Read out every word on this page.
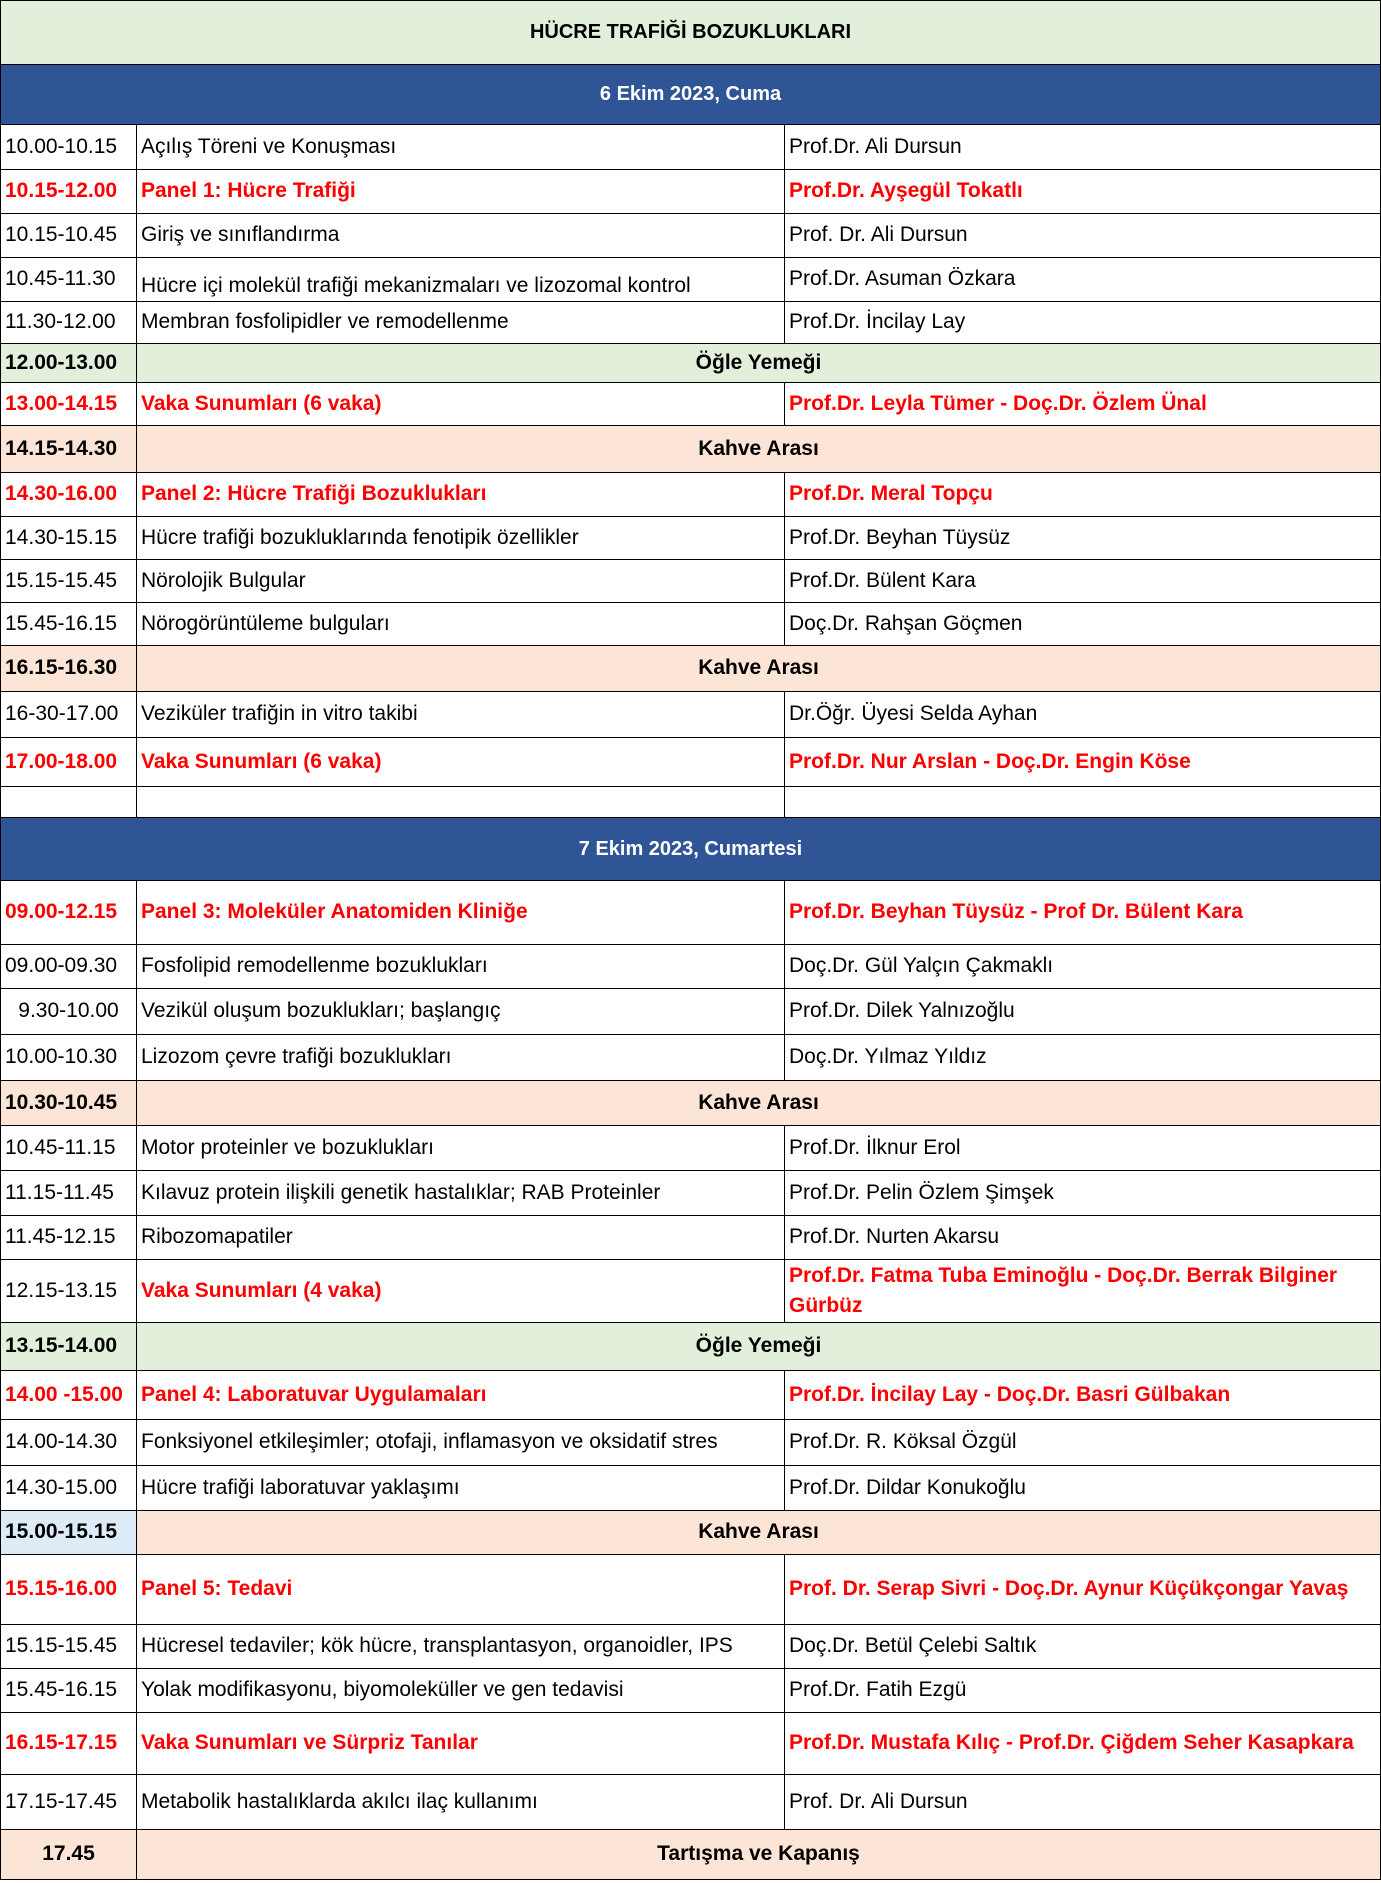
HÜCRE TRAFİĞİ BOZUKLUKLARI		
6 Ekim 2023, Cuma		
10.00-10.15	Açılış Töreni ve Konuşması	Prof.Dr. Ali Dursun
10.15-12.00	Panel 1: Hücre Trafiği	Prof.Dr. Ayşegül Tokatlı
10.15-10.45	Giriş ve sınıflandırma	Prof. Dr. Ali Dursun
10.45-11.30	Hücre içi molekül trafiği mekanizmaları ve lizozomal kontrol	Prof.Dr. Asuman Özkara
11.30-12.00	Membran fosfolipidler ve remodellenme	Prof.Dr. İncilay Lay
12.00-13.00	Öğle Yemeği	
13.00-14.15	Vaka Sunumları (6 vaka)	Prof.Dr. Leyla Tümer - Doç.Dr. Özlem Ünal
14.15-14.30	Kahve Arası	
14.30-16.00	Panel 2: Hücre Trafiği Bozuklukları	Prof.Dr. Meral Topçu
14.30-15.15	Hücre trafiği bozukluklarında fenotipik özellikler	Prof.Dr. Beyhan Tüysüz
15.15-15.45	Nörolojik Bulgular	Prof.Dr. Bülent Kara
15.45-16.15	Nörogörüntüleme bulguları	Doç.Dr. Rahşan Göçmen
16.15-16.30	Kahve Arası	
16-30-17.00	Veziküler trafiğin in vitro takibi	Dr.Öğr. Üyesi Selda Ayhan
17.00-18.00	Vaka Sunumları (6 vaka)	Prof.Dr. Nur Arslan - Doç.Dr. Engin Köse

7 Ekim 2023, Cumartesi		
09.00-12.15	Panel 3: Moleküler Anatomiden Kliniğe	Prof.Dr. Beyhan Tüysüz - Prof Dr. Bülent Kara
09.00-09.30	Fosfolipid remodellenme bozuklukları	Doç.Dr. Gül Yalçın Çakmaklı
9.30-10.00	Vezikül oluşum bozuklukları; başlangıç	Prof.Dr. Dilek Yalnızoğlu
10.00-10.30	Lizozom çevre trafiği bozuklukları	Doç.Dr. Yılmaz Yıldız
10.30-10.45	Kahve Arası	
10.45-11.15	Motor proteinler ve bozuklukları	Prof.Dr. İlknur Erol
11.15-11.45	Kılavuz protein ilişkili genetik hastalıklar; RAB Proteinler	Prof.Dr. Pelin Özlem Şimşek
11.45-12.15	Ribozomapatiler	Prof.Dr. Nurten Akarsu
12.15-13.15	Vaka Sunumları (4 vaka)	Prof.Dr. Fatma Tuba Eminoğlu - Doç.Dr. Berrak Bilginer Gürbüz
13.15-14.00	Öğle Yemeği	
14.00 -15.00	Panel 4: Laboratuvar Uygulamaları	Prof.Dr. İncilay Lay - Doç.Dr. Basri Gülbakan
14.00-14.30	Fonksiyonel etkileşimler; otofaji, inflamasyon ve oksidatif stres	Prof.Dr. R. Köksal Özgül
14.30-15.00	Hücre trafiği laboratuvar yaklaşımı	Prof.Dr. Dildar Konukoğlu
15.00-15.15	Kahve Arası	
15.15-16.00	Panel 5: Tedavi	Prof. Dr. Serap Sivri - Doç.Dr. Aynur Küçükçongar Yavaş
15.15-15.45	Hücresel tedaviler; kök hücre, transplantasyon, organoidler, IPS	Doç.Dr. Betül Çelebi Saltık
15.45-16.15	Yolak modifikasyonu, biyomoleküller ve gen tedavisi	Prof.Dr. Fatih Ezgü
16.15-17.15	Vaka Sunumları ve Sürpriz Tanılar	Prof.Dr. Mustafa Kılıç - Prof.Dr. Çiğdem Seher Kasapkara
17.15-17.45	Metabolik hastalıklarda akılcı ilaç kullanımı	Prof. Dr. Ali Dursun
17.45	Tartışma ve Kapanış	
